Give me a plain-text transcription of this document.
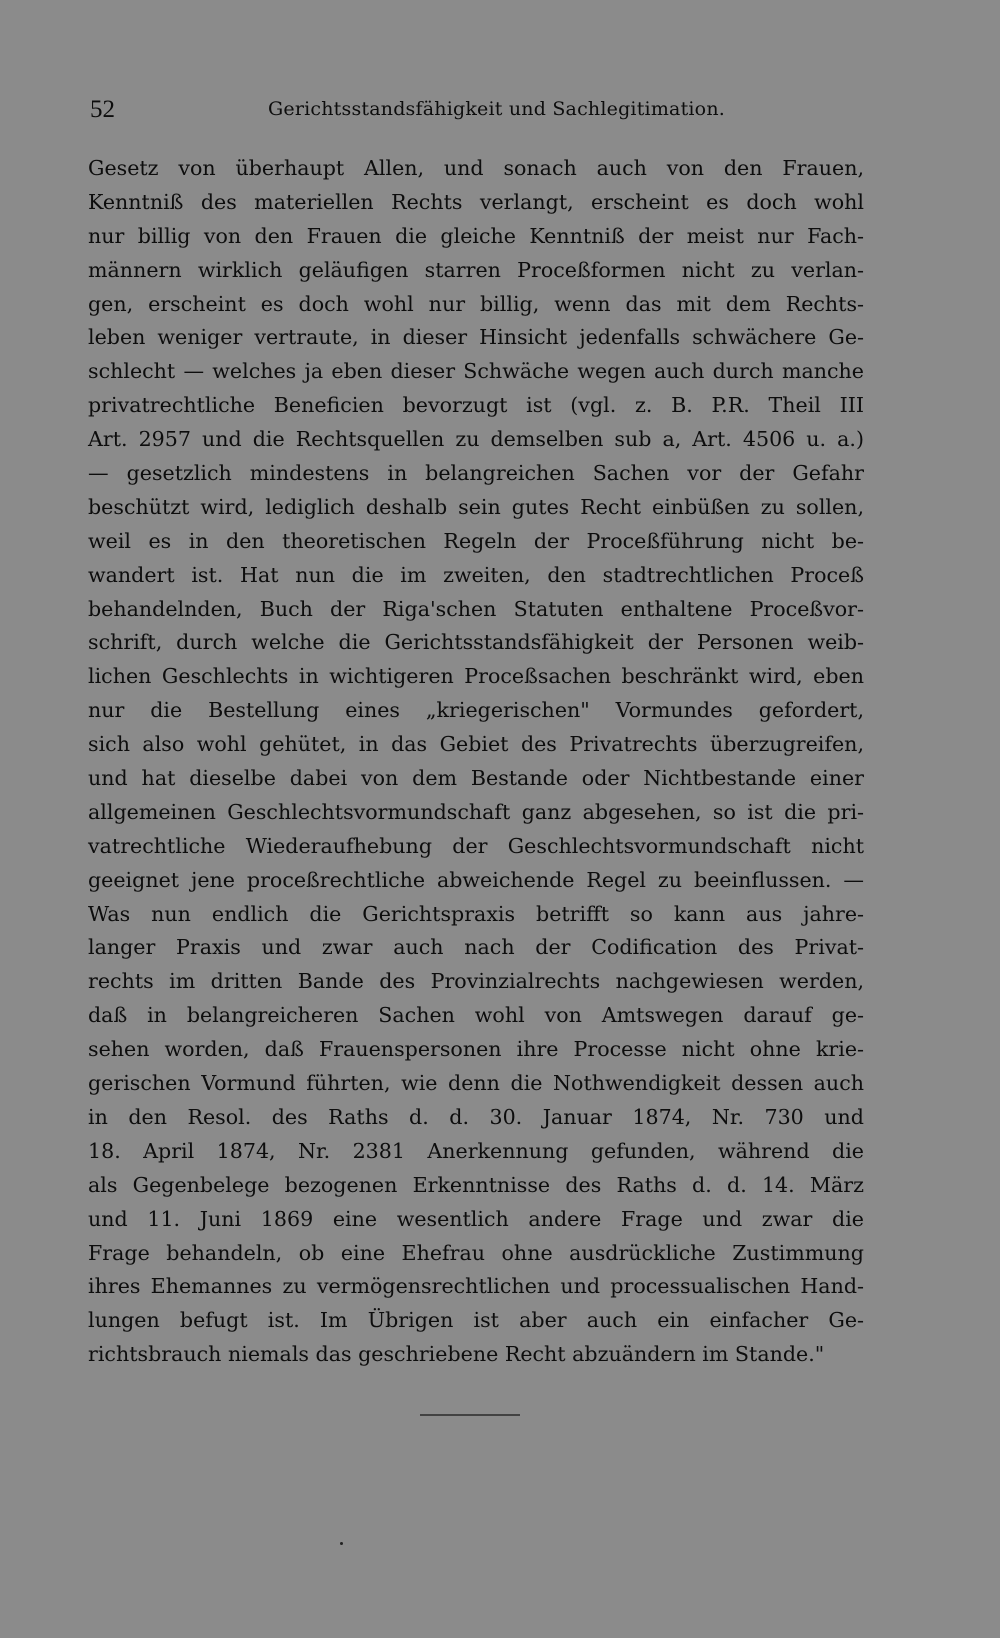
52	Gerichtsstandsfähigkeit und Sachlegitimation.
Gesetz von überhaupt Allen, und sonach auch von den Frauen,
Kenntniß des materiellen Rechts verlangt, erscheint es doch wohl
nur billig von den Frauen die gleiche Kenntniß der meist nur Fach-
männern wirklich geläufigen starren Proceßformen nicht zu verlan-
gen, erscheint es doch wohl nur billig, wenn das mit dem Rechts-
leben weniger vertraute, in dieser Hinsicht jedenfalls schwächere Ge-
schlecht — welches ja eben dieser Schwäche wegen auch durch manche
privatrechtliche Beneficien bevorzugt ist (vgl. z. B. P.R. Theil III
Art. 2957 und die Rechtsquellen zu demselben sub a, Art. 4506 u. a.)
— gesetzlich mindestens in belangreichen Sachen vor der Gefahr
beschützt wird, lediglich deshalb sein gutes Recht einbüßen zu sollen,
weil es in den theoretischen Regeln der Proceßführung nicht be-
wandert ist. Hat nun die im zweiten, den stadtrechtlichen Proceß
behandelnden, Buch der Riga'schen Statuten enthaltene Proceßvor-
schrift, durch welche die Gerichtsstandsfähigkeit der Personen weib-
lichen Geschlechts in wichtigeren Proceßsachen beschränkt wird, eben
nur die Bestellung eines „kriegerischen" Vormundes gefordert,
sich also wohl gehütet, in das Gebiet des Privatrechts überzugreifen,
und hat dieselbe dabei von dem Bestande oder Nichtbestande einer
allgemeinen Geschlechtsvormundschaft ganz abgesehen, so ist die pri-
vatrechtliche Wiederaufhebung der Geschlechtsvormundschaft nicht
geeignet jene proceßrechtliche abweichende Regel zu beeinflussen. —
Was nun endlich die Gerichtspraxis betrifft so kann aus jahre-
langer Praxis und zwar auch nach der Codification des Privat-
rechts im dritten Bande des Provinzialrechts nachgewiesen werden,
daß in belangreicheren Sachen wohl von Amtswegen darauf ge-
sehen worden, daß Frauenspersonen ihre Processe nicht ohne krie-
gerischen Vormund führten, wie denn die Nothwendigkeit dessen auch
in den Resol. des Raths d. d. 30. Januar 1874, Nr. 730 und
18. April 1874, Nr. 2381 Anerkennung gefunden, während die
als Gegenbelege bezogenen Erkenntnisse des Raths d. d. 14. März
und 11. Juni 1869 eine wesentlich andere Frage und zwar die
Frage behandeln, ob eine Ehefrau ohne ausdrückliche Zustimmung
ihres Ehemannes zu vermögensrechtlichen und processualischen Hand-
lungen befugt ist. Im Übrigen ist aber auch ein einfacher Ge-
richtsbrauch niemals das geschriebene Recht abzuändern im Stande."
